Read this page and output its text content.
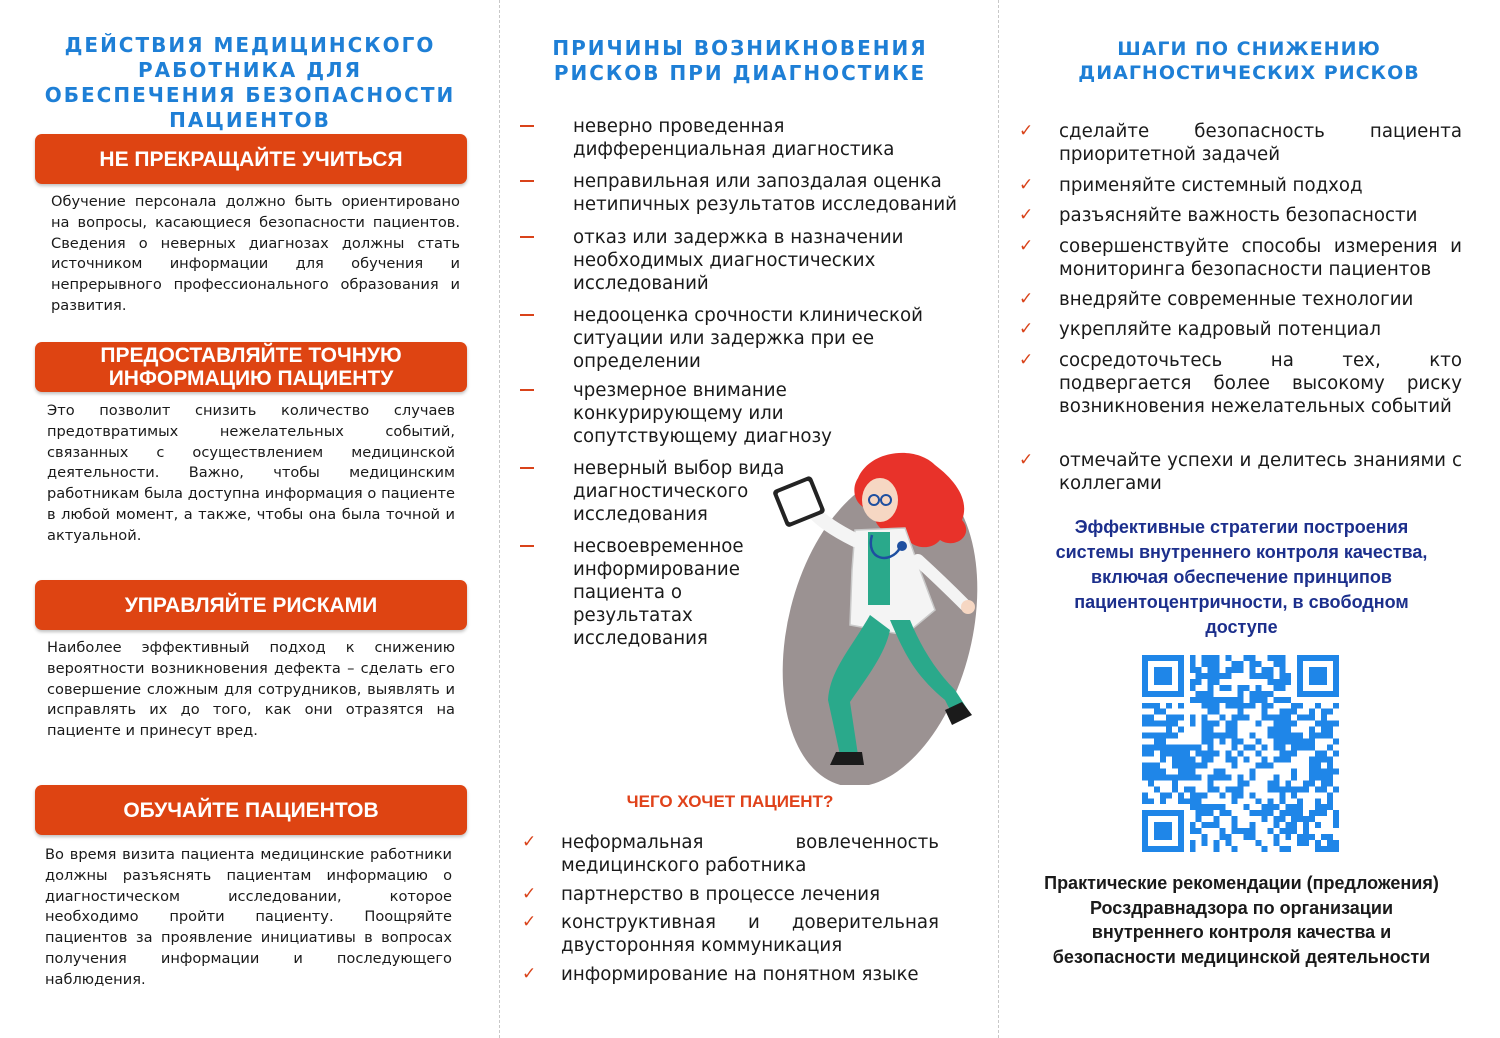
ДЕЙСТВИЯ МЕДИЦИНСКОГО РАБОТНИКА ДЛЯ ОБЕСПЕЧЕНИЯ БЕЗОПАСНОСТИ ПАЦИЕНТОВ
НЕ ПРЕКРАЩАЙТЕ УЧИТЬСЯ
Обучение персонала должно быть ориентировано на вопросы, касающиеся безопасности пациентов. Сведения о неверных диагнозах должны стать источником информации для обучения и непрерывного профессионального образования и развития.
ПРЕДОСТАВЛЯЙТЕ ТОЧНУЮ ИНФОРМАЦИЮ ПАЦИЕНТУ
Это позволит снизить количество случаев предотвратимых нежелательных событий, связанных с осуществлением медицинской деятельности. Важно, чтобы медицинским работникам была доступна информация о пациенте в любой момент, а также, чтобы она была точной и актуальной.
УПРАВЛЯЙТЕ РИСКАМИ
Наиболее эффективный подход к снижению вероятности возникновения дефекта – сделать его совершение сложным для сотрудников, выявлять и исправлять их до того, как они отразятся на пациенте и принесут вред.
ОБУЧАЙТЕ ПАЦИЕНТОВ
Во время визита пациента медицинские работники должны разъяснять пациентам информацию о диагностическом исследовании, которое необходимо пройти пациенту. Поощряйте пациентов за проявление инициативы в вопросах получения информации и последующего наблюдения.
ПРИЧИНЫ ВОЗНИКНОВЕНИЯ РИСКОВ ПРИ ДИАГНОСТИКЕ
неверно проведенная дифференциальная диагностика
неправильная или запоздалая оценка нетипичных результатов исследований
отказ или задержка в назначении необходимых диагностических исследований
недооценка срочности клинической ситуации или задержка при ее определении
чрезмерное внимание конкурирующему или сопутствующему диагнозу
неверный выбор вида диагностического исследования
несвоевременное информирование пациента о результатах исследования
ЧЕГО ХОЧЕТ ПАЦИЕНТ?
✓ неформальная вовлеченность медицинского работника
✓ партнерство в процессе лечения
✓ конструктивная и доверительная двусторонняя коммуникация
✓ информирование на понятном языке
ШАГИ ПО СНИЖЕНИЮ ДИАГНОСТИЧЕСКИХ РИСКОВ
✓ сделайте безопасность пациента приоритетной задачей
✓ применяйте системный подход
✓ разъясняйте важность безопасности
✓ совершенствуйте способы измерения и мониторинга безопасности пациентов
✓ внедряйте современные технологии
✓ укрепляйте кадровый потенциал
✓ сосредоточьтесь на тех, кто подвергается более высокому риску возникновения нежелательных событий
✓ отмечайте успехи и делитесь знаниями с коллегами
Эффективные стратегии построения системы внутреннего контроля качества, включая обеспечение принципов пациентоцентричности, в свободном доступе
Практические рекомендации (предложения) Росздравнадзора по организации внутреннего контроля качества и безопасности медицинской деятельности
